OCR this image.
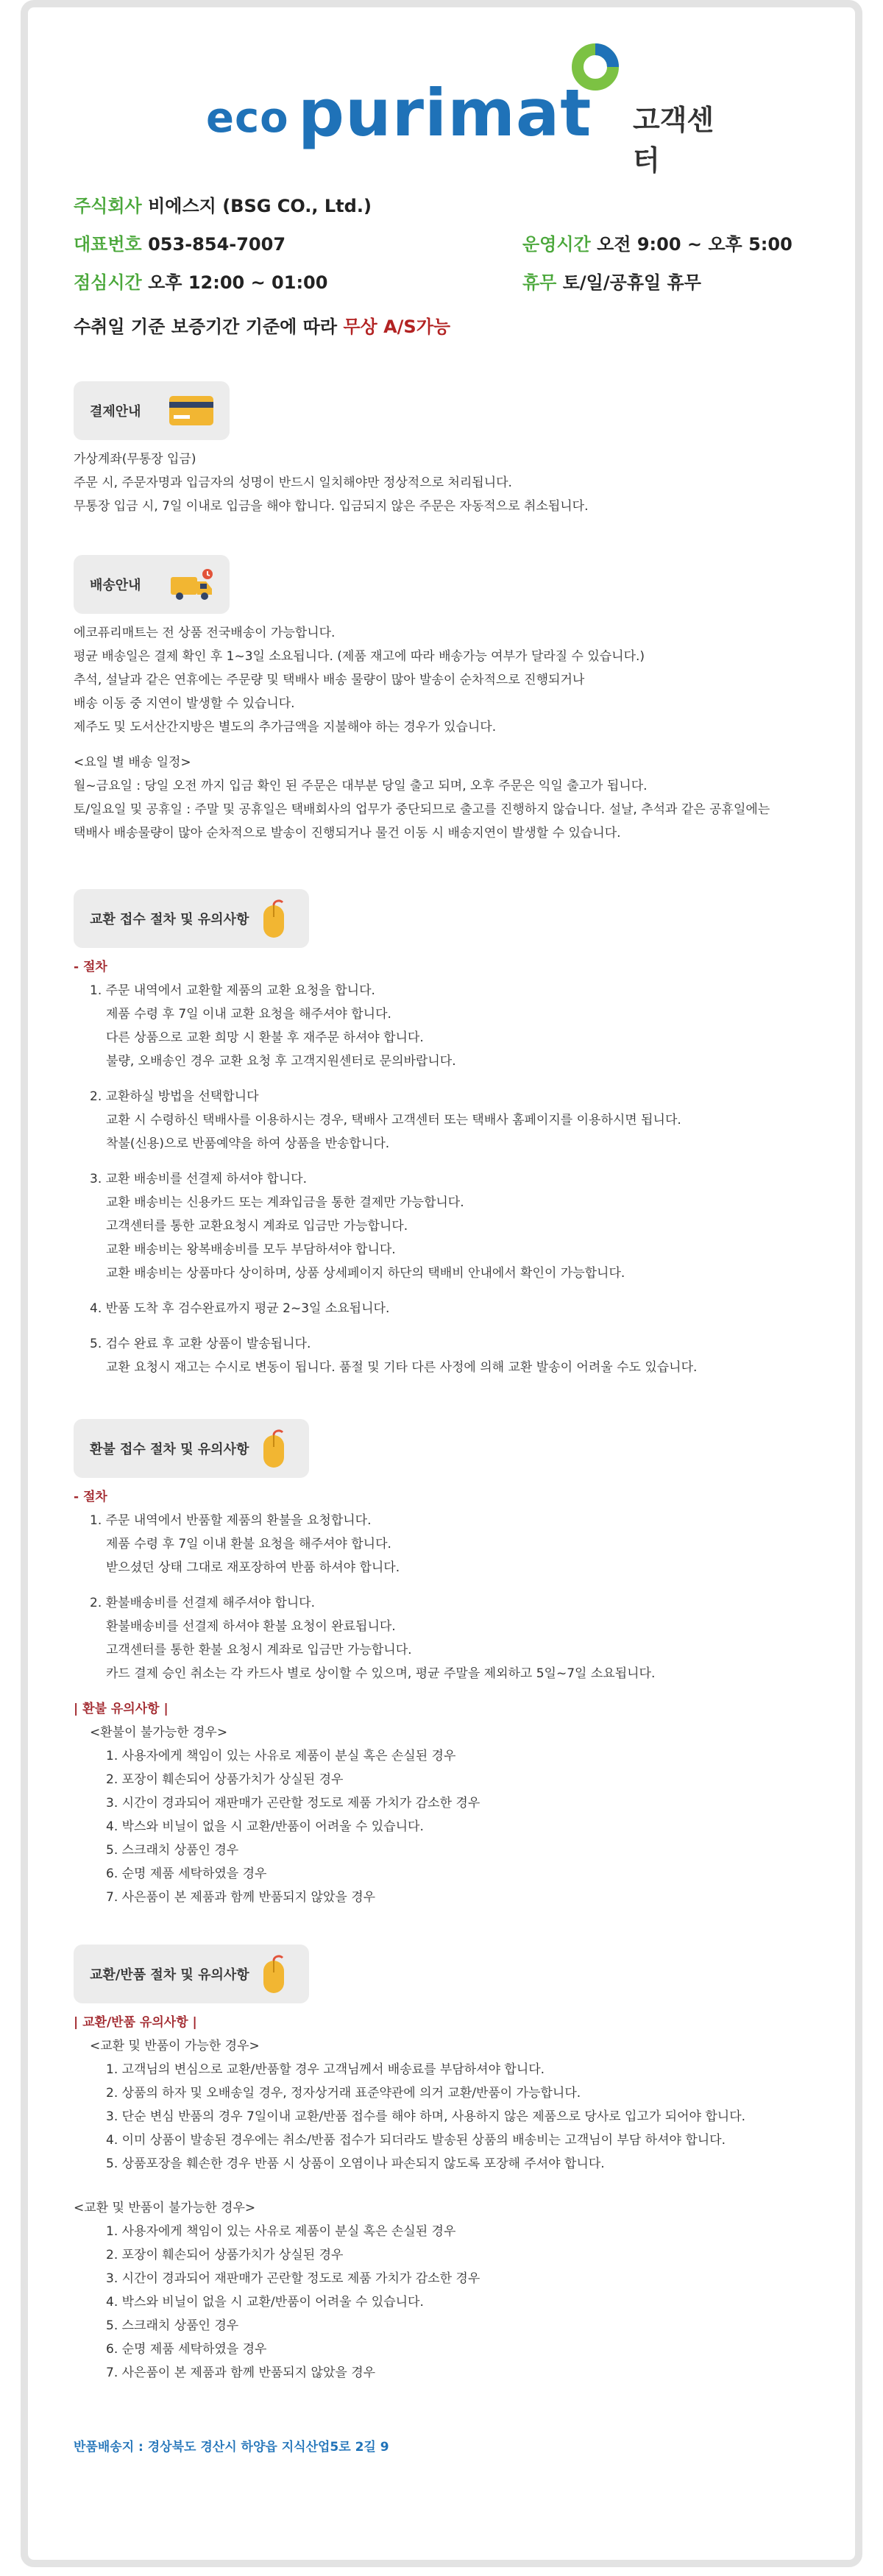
eco purimat 고객센터
주식회사 비에스지 (BSG CO., Ltd.)
대표번호 053-854-7007	운영시간 오전 9:00 ~ 오후 5:00
점심시간 오후 12:00 ~ 01:00	휴무 토/일/공휴일 휴무
수취일 기준 보증기간 기준에 따라 무상 A/S가능
결제안내

가상계좌(무통장 입금)

주문 시, 주문자명과 입금자의 성명이 반드시 일치해야만 정상적으로 처리됩니다.

무통장 입금 시, 7일 이내로 입금을 해야 합니다. 입금되지 않은 주문은 자동적으로 취소됩니다.

배송안내

에코퓨리매트는 전 상품 전국배송이 가능합니다.

평균 배송일은 결제 확인 후 1~3일 소요됩니다. (제품 재고에 따라 배송가능 여부가 달라질 수 있습니다.)

추석, 설날과 같은 연휴에는 주문량 및 택배사 배송 물량이 많아 발송이 순차적으로 진행되거나

배송 이동 중 지연이 발생할 수 있습니다.

제주도 및 도서산간지방은 별도의 추가금액을 지불해야 하는 경우가 있습니다.

<요일 별 배송 일정>

월~금요일 : 당일 오전 까지 입금 확인 된 주문은 대부분 당일 출고 되며, 오후 주문은 익일 출고가 됩니다.

토/일요일 및 공휴일 : 주말 및 공휴일은 택배회사의 업무가 중단되므로 출고를 진행하지 않습니다. 설날, 추석과 같은 공휴일에는

택배사 배송물량이 많아 순차적으로 발송이 진행되거나 물건 이동 시 배송지연이 발생할 수 있습니다.

교환 접수 절차 및 유의사항

- 절차

1. 주문 내역에서 교환할 제품의 교환 요청을 합니다.

제품 수령 후 7일 이내 교환 요청을 해주셔야 합니다.

다른 상품으로 교환 희망 시 환불 후 재주문 하셔야 합니다.

불량, 오배송인 경우 교환 요청 후 고객지원센터로 문의바랍니다.

2. 교환하실 방법을 선택합니다

교환 시 수령하신 택배사를 이용하시는 경우, 택배사 고객센터 또는 택배사 홈페이지를 이용하시면 됩니다.

착불(신용)으로 반품예약을 하여 상품을 반송합니다.

3. 교환 배송비를 선결제 하셔야 합니다.

교환 배송비는 신용카드 또는 계좌입금을 통한 결제만 가능합니다.

고객센터를 통한 교환요청시 계좌로 입금만 가능합니다.

교환 배송비는 왕복배송비를 모두 부담하셔야 합니다.

교환 배송비는 상품마다 상이하며, 상품 상세페이지 하단의 택배비 안내에서 확인이 가능합니다.

4. 반품 도착 후 검수완료까지 평균 2~3일 소요됩니다.

5. 검수 완료 후 교환 상품이 발송됩니다.

교환 요청시 재고는 수시로 변동이 됩니다. 품절 및 기타 다른 사정에 의해 교환 발송이 어려울 수도 있습니다.

환불 접수 절차 및 유의사항

- 절차

1. 주문 내역에서 반품할 제품의 환불을 요청합니다.

제품 수령 후 7일 이내 환불 요청을 해주셔야 합니다.

받으셨던 상태 그대로 재포장하여 반품 하셔야 합니다.

2. 환불배송비를 선결제 해주셔야 합니다.

환불배송비를 선결제 하셔야 환불 요청이 완료됩니다.

고객센터를 통한 환불 요청시 계좌로 입금만 가능합니다.

카드 결제 승인 취소는 각 카드사 별로 상이할 수 있으며, 평균 주말을 제외하고 5일~7일 소요됩니다.

| 환불 유의사항 |

<환불이 불가능한 경우>

1. 사용자에게 책임이 있는 사유로 제품이 분실 혹은 손실된 경우

2. 포장이 훼손되어 상품가치가 상실된 경우

3. 시간이 경과되어 재판매가 곤란할 정도로 제품 가치가 감소한 경우

4. 박스와 비닐이 없을 시 교환/반품이 어려울 수 있습니다.

5. 스크래치 상품인 경우

6. 순명 제품 세탁하였을 경우

7. 사은품이 본 제품과 함께 반품되지 않았을 경우

교환/반품 절차 및 유의사항

| 교환/반품 유의사항 |

<교환 및 반품이 가능한 경우>

1. 고객님의 변심으로 교환/반품할 경우 고객님께서 배송료를 부담하셔야 합니다.

2. 상품의 하자 및 오배송일 경우, 정자상거래 표준약관에 의거 교환/반품이 가능합니다.

3. 단순 변심 반품의 경우 7일이내 교환/반품 접수를 해야 하며, 사용하지 않은 제품으로 당사로 입고가 되어야 합니다.

4. 이미 상품이 발송된 경우에는 취소/반품 접수가 되더라도 발송된 상품의 배송비는 고객님이 부담 하셔야 합니다.

5. 상품포장을 훼손한 경우 반품 시 상품이 오염이나 파손되지 않도록 포장해 주셔야 합니다.

<교환 및 반품이 불가능한 경우>

1. 사용자에게 책임이 있는 사유로 제품이 분실 혹은 손실된 경우

2. 포장이 훼손되어 상품가치가 상실된 경우

3. 시간이 경과되어 재판매가 곤란할 정도로 제품 가치가 감소한 경우

4. 박스와 비닐이 없을 시 교환/반품이 어려울 수 있습니다.

5. 스크래치 상품인 경우

6. 순명 제품 세탁하였을 경우

7. 사은품이 본 제품과 함께 반품되지 않았을 경우

반품배송지 : 경상북도 경산시 하양읍 지식산업5로 2길 9
